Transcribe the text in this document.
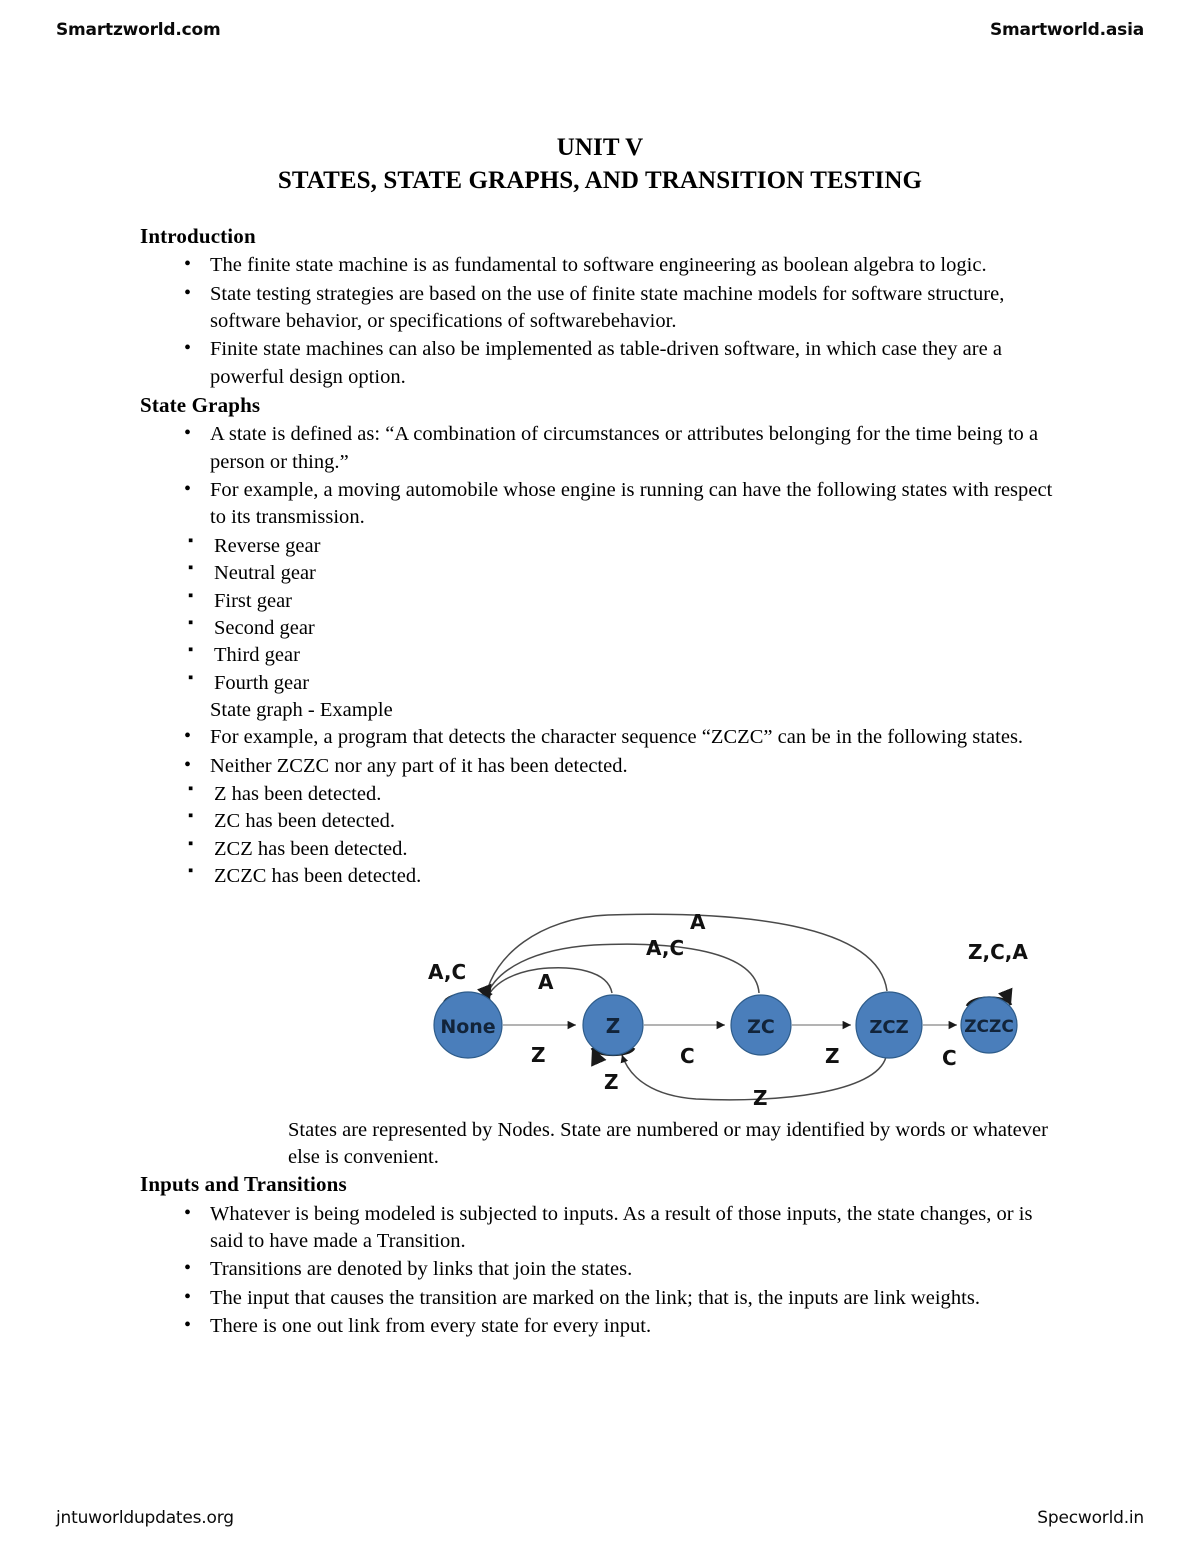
Smartzworld.com	Smartworld.asia
UNIT V
STATES, STATE GRAPHS, AND TRANSITION TESTING
Introduction
• The finite state machine is as fundamental to software engineering as boolean algebra to logic.
• State testing strategies are based on the use of finite state machine models for software structure, software behavior, or specifications of softwarebehavior.
• Finite state machines can also be implemented as table-driven software, in which case they are a powerful design option.
State Graphs
• A state is defined as: “A combination of circumstances or attributes belonging for the time being to a person or thing.”
• For example, a moving automobile whose engine is running can have the following states with respect to its transmission.
▪ Reverse gear
▪ Neutral gear
▪ First gear
▪ Second gear
▪ Third gear
▪ Fourth gear
State graph - Example
• For example, a program that detects the character sequence “ZCZC” can be in the following states.
• Neither ZCZC nor any part of it has been detected.
▪ Z has been detected.
▪ ZC has been detected.
▪ ZCZ has been detected.
▪ ZCZC has been detected.
None	Z	ZC	ZCZ	ZCZC
A,C	A
A,C
A
Z
Z
C	Z
Z
C
Z,C,A
States are represented by Nodes. State are numbered or may identified by words or whatever else is convenient.
Inputs and Transitions
• Whatever is being modeled is subjected to inputs. As a result of those inputs, the state changes, or is said to have made a Transition.
• Transitions are denoted by links that join the states.
• The input that causes the transition are marked on the link; that is, the inputs are link weights.
• There is one out link from every state for every input.
jntuworldupdates.org	Specworld.in
